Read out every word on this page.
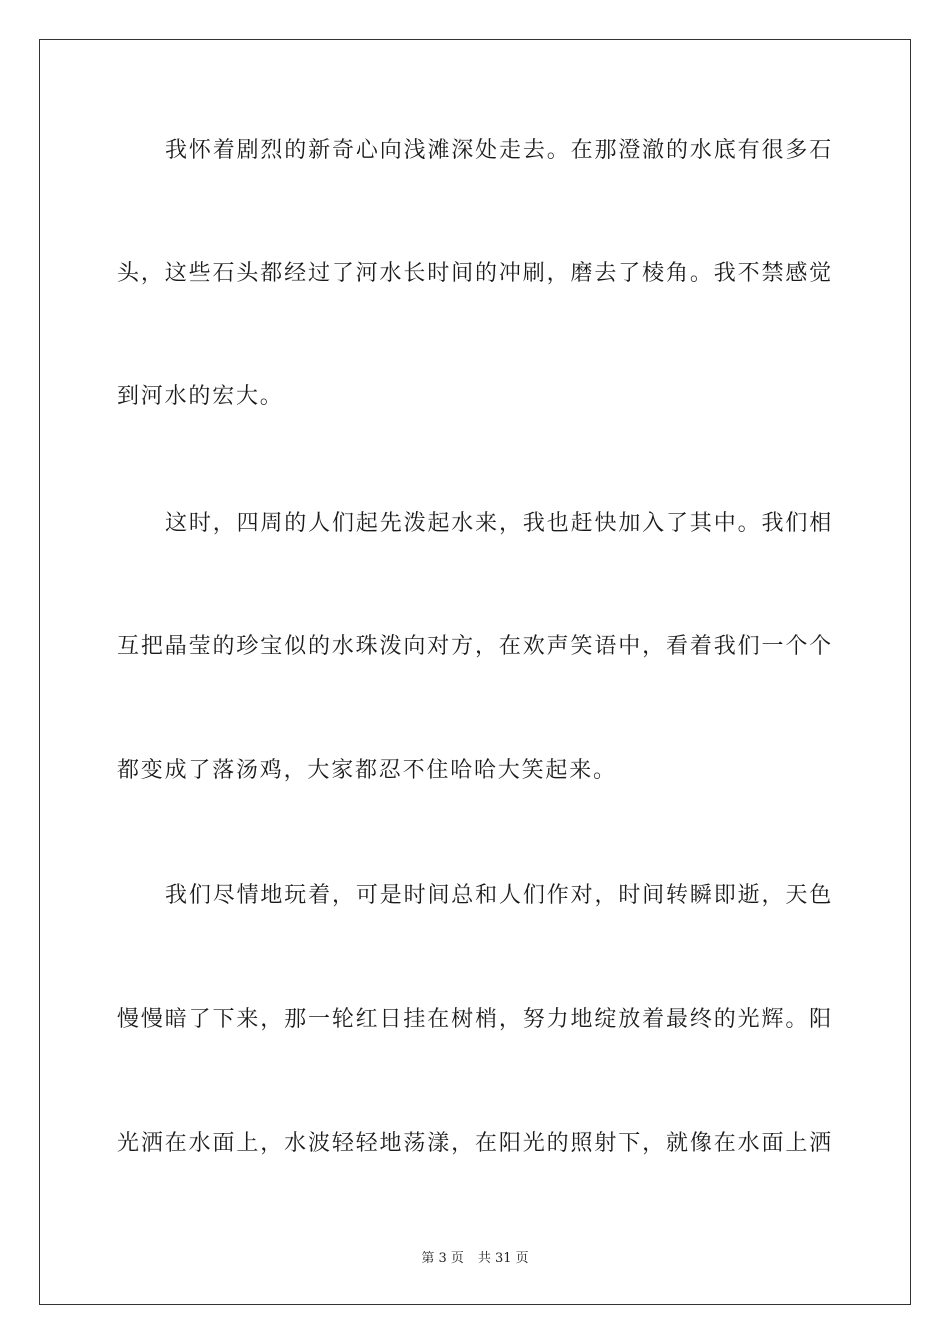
我怀着剧烈的新奇心向浅滩深处走去。在那澄澈的水底有很多石
头，这些石头都经过了河水长时间的冲刷，磨去了棱角。我不禁感觉
到河水的宏大。
这时，四周的人们起先泼起水来，我也赶快加入了其中。我们相
互把晶莹的珍宝似的水珠泼向对方，在欢声笑语中，看着我们一个个
都变成了落汤鸡，大家都忍不住哈哈大笑起来。
我们尽情地玩着，可是时间总和人们作对，时间转瞬即逝，天色
慢慢暗了下来，那一轮红日挂在树梢，努力地绽放着最终的光辉。阳
光洒在水面上，水波轻轻地荡漾，在阳光的照射下，就像在水面上洒
第 3 页 共 31 页
